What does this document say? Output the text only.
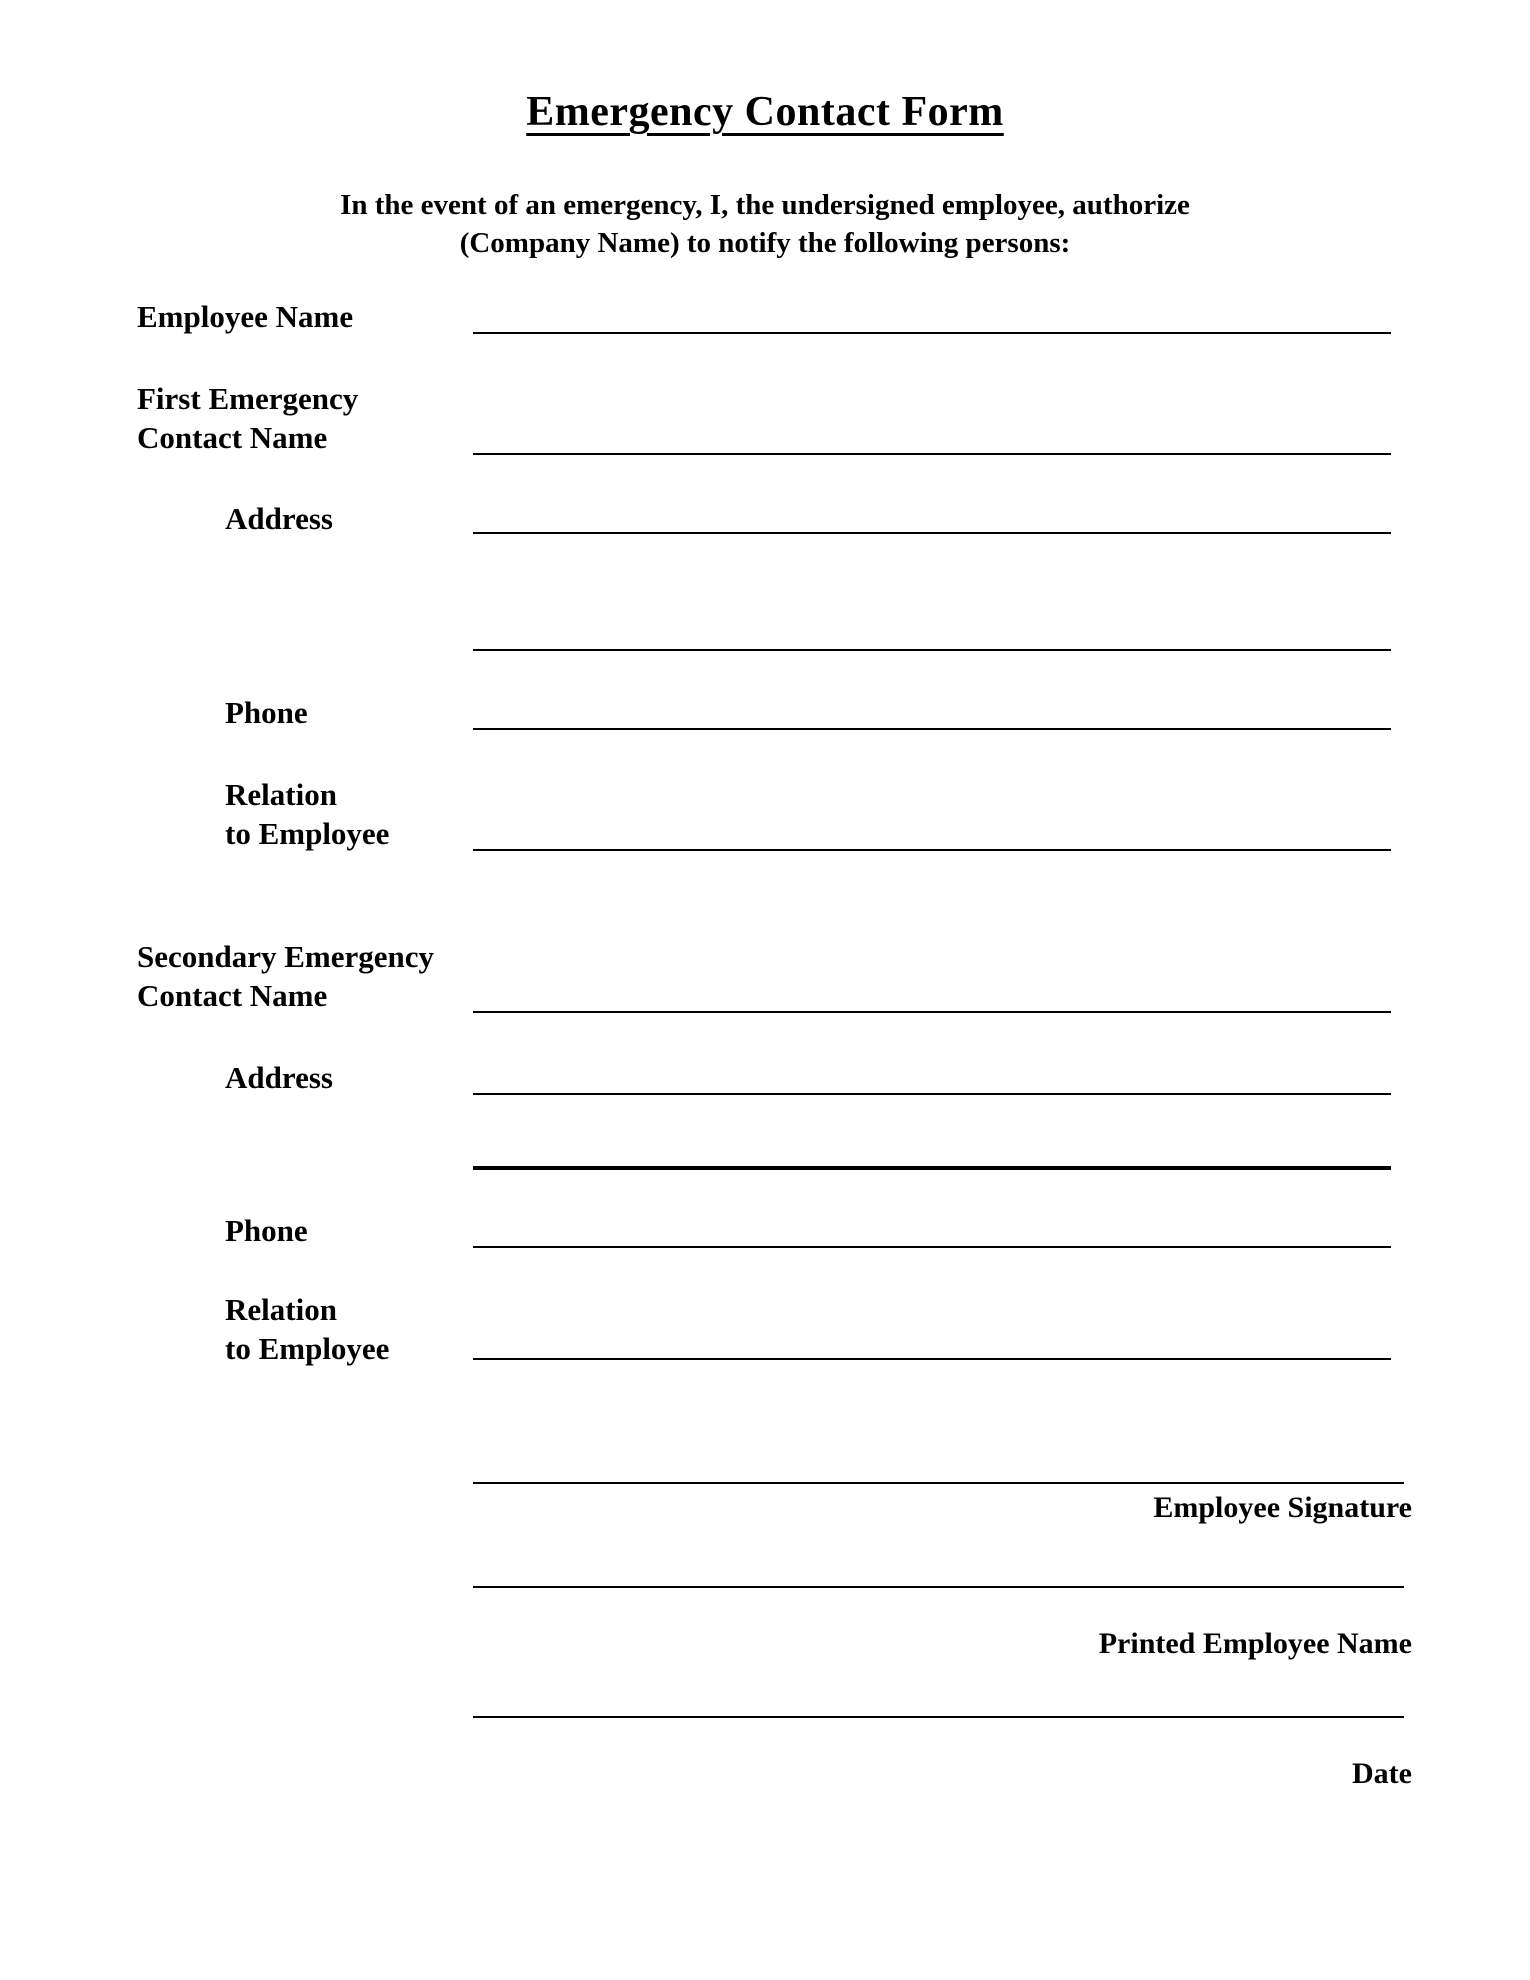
Emergency Contact Form
In the event of an emergency, I, the undersigned employee, authorize
(Company Name) to notify the following persons:
Employee Name
First Emergency
Contact Name
Address
Phone
Relation
to Employee
Secondary Emergency
Contact Name
Address
Phone
Relation
to Employee
Employee Signature
Printed Employee Name
Date
